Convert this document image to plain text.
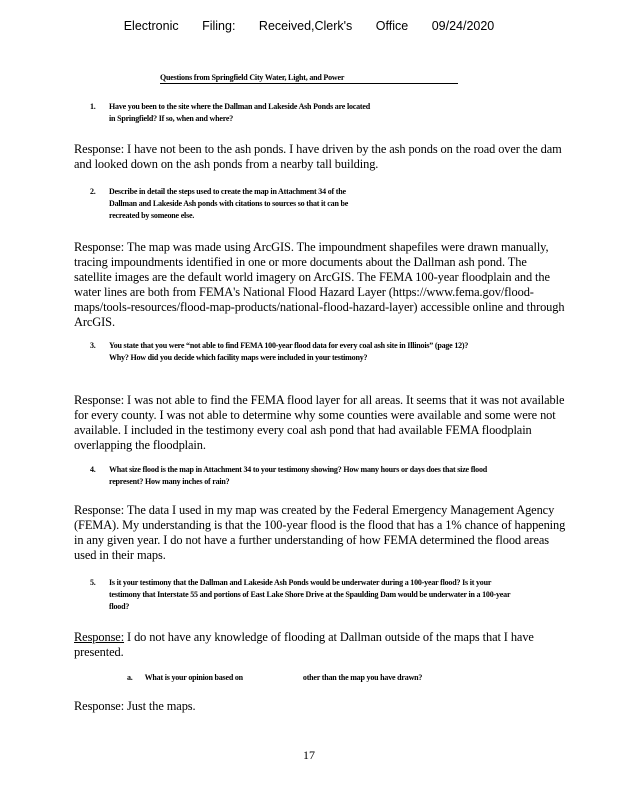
Electronic Filing: Received,Clerk's Office 09/24/2020
Questions from Springfield City Water, Light, and Power
1. Have you been to the site where the Dallman and Lakeside Ash Ponds are located in Springfield? If so, when and where?
Response: I have not been to the ash ponds. I have driven by the ash ponds on the road over the dam and looked down on the ash ponds from a nearby tall building.
2. Describe in detail the steps used to create the map in Attachment 34 of the Dallman and Lakeside Ash ponds with citations to sources so that it can be recreated by someone else.
Response: The map was made using ArcGIS. The impoundment shapefiles were drawn manually, tracing impoundments identified in one or more documents about the Dallman ash pond. The satellite images are the default world imagery on ArcGIS. The FEMA 100-year floodplain and the water lines are both from FEMA's National Flood Hazard Layer (https://www.fema.gov/flood-maps/tools-resources/flood-map-products/national-flood-hazard-layer) accessible online and through ArcGIS.
3. You state that you were “not able to find FEMA 100-year flood data for every coal ash site in Illinois” (page 12)? Why? How did you decide which facility maps were included in your testimony?
Response: I was not able to find the FEMA flood layer for all areas. It seems that it was not available for every county. I was not able to determine why some counties were available and some were not available. I included in the testimony every coal ash pond that had available FEMA floodplain overlapping the floodplain.
4. What size flood is the map in Attachment 34 to your testimony showing? How many hours or days does that size flood represent? How many inches of rain?
Response: The data I used in my map was created by the Federal Emergency Management Agency (FEMA). My understanding is that the 100-year flood is the flood that has a 1% chance of happening in any given year. I do not have a further understanding of how FEMA determined the flood areas used in their maps.
5. Is it your testimony that the Dallman and Lakeside Ash Ponds would be underwater during a 100-year flood? Is it your testimony that Interstate 55 and portions of East Lake Shore Drive at the Spaulding Dam would be underwater in a 100-year flood?
Response: I do not have any knowledge of flooding at Dallman outside of the maps that I have presented.
a. What is your opinion based on	other than the map you have drawn?
Response: Just the maps.
17
